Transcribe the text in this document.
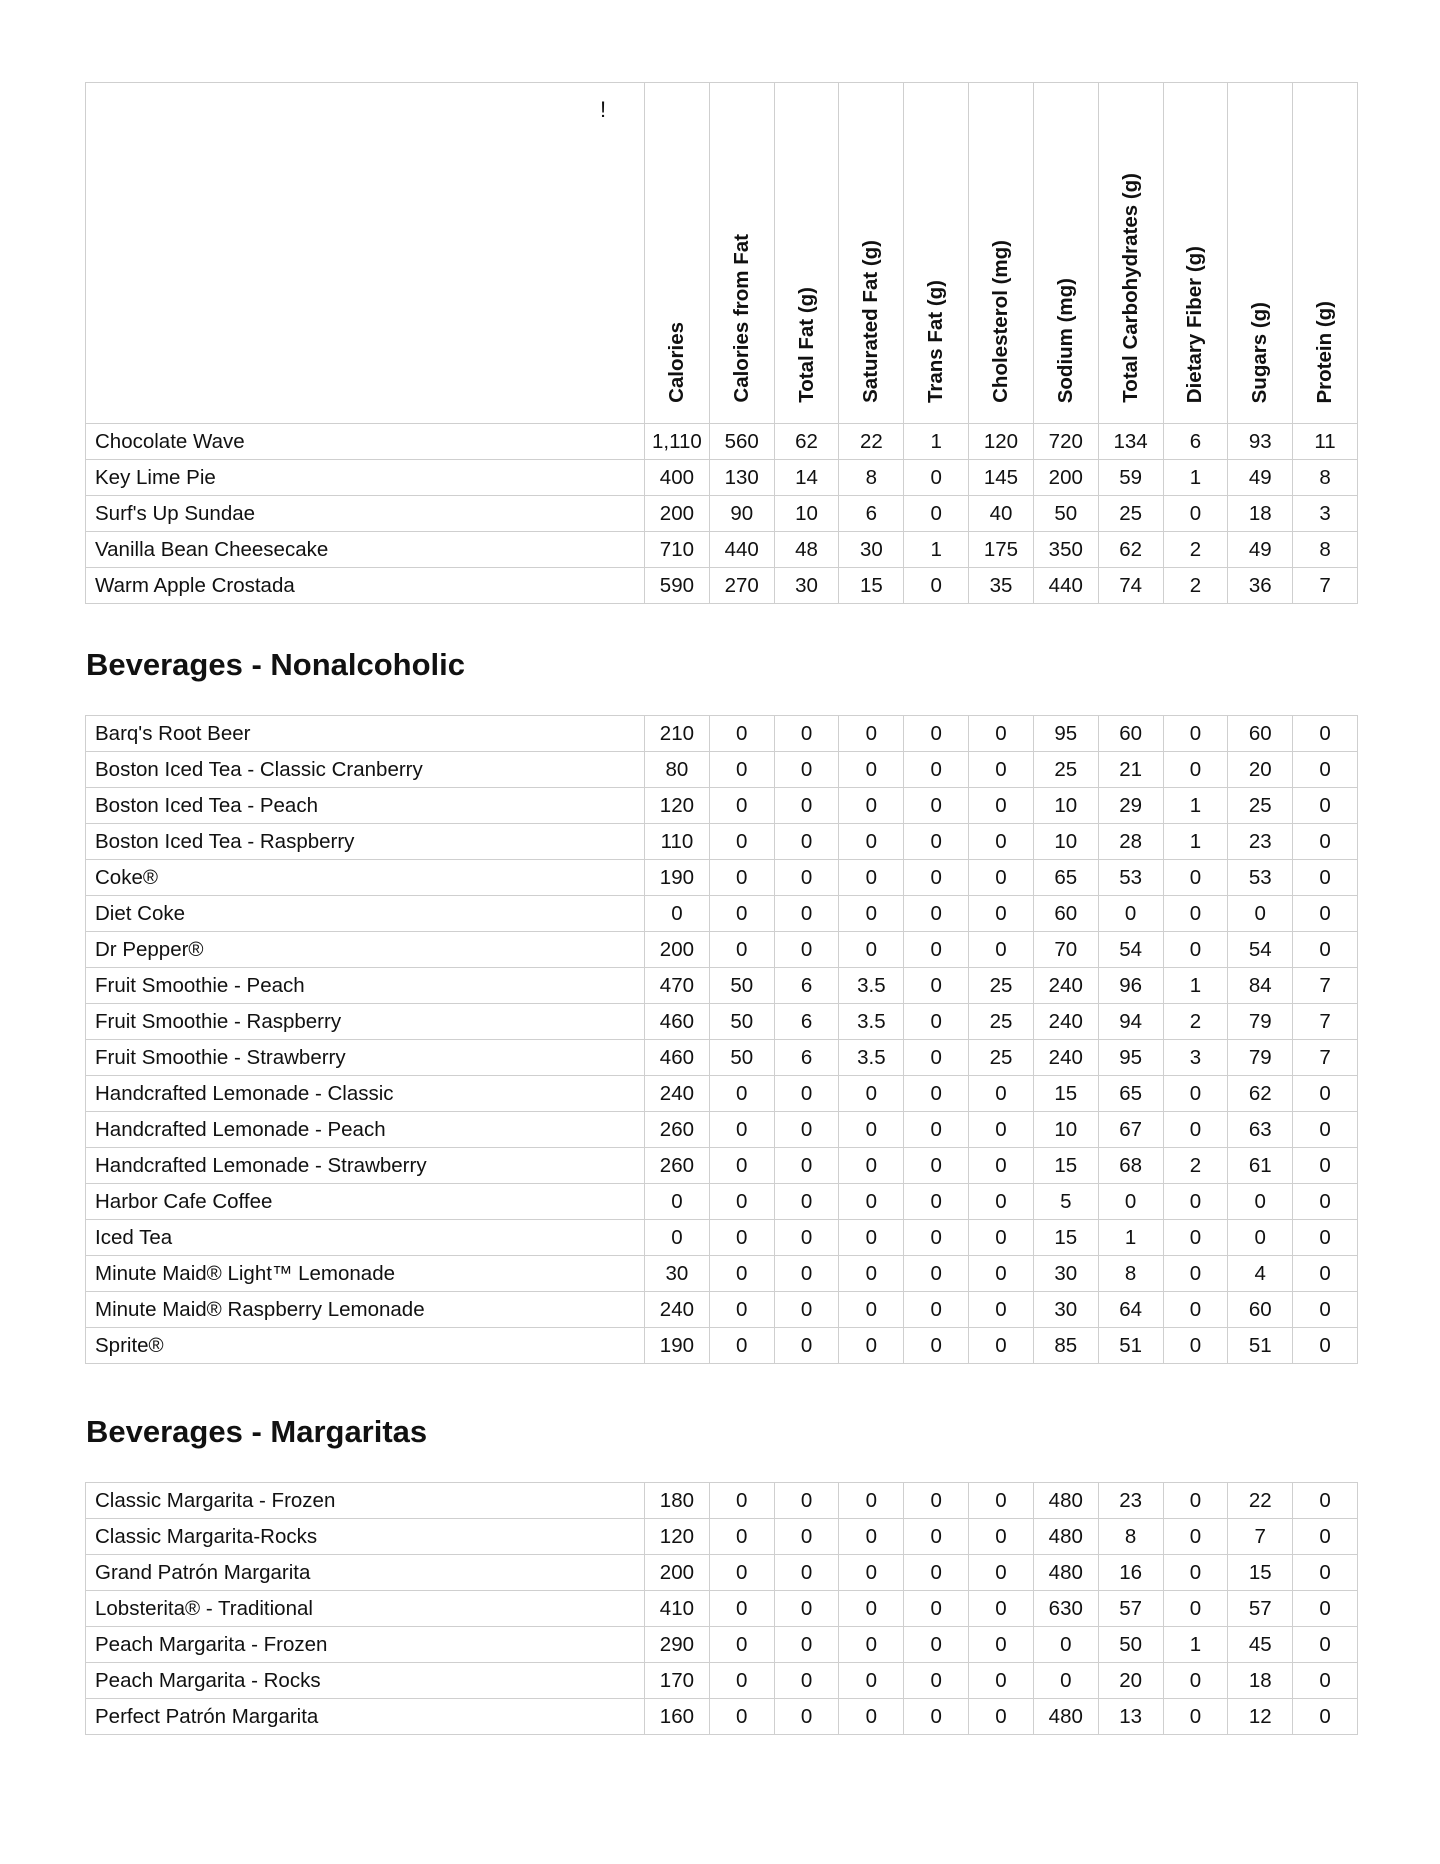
!	Calories	Calories from Fat	Total Fat (g)	Saturated Fat (g)	Trans Fat (g)	Cholesterol (mg)	Sodium (mg)	Total Carbohydrates (g)	Dietary Fiber (g)	Sugars (g)	Protein (g)
Chocolate Wave	1,110	560	62	22	1	120	720	134	6	93	11
Key Lime Pie	400	130	14	8	0	145	200	59	1	49	8
Surf's Up Sundae	200	90	10	6	0	40	50	25	0	18	3
Vanilla Bean Cheesecake	710	440	48	30	1	175	350	62	2	49	8
Warm Apple Crostada	590	270	30	15	0	35	440	74	2	36	7
Beverages - Nonalcoholic
Barq's Root Beer	210	0	0	0	0	0	95	60	0	60	0
Boston Iced Tea - Classic Cranberry	80	0	0	0	0	0	25	21	0	20	0
Boston Iced Tea - Peach	120	0	0	0	0	0	10	29	1	25	0
Boston Iced Tea - Raspberry	110	0	0	0	0	0	10	28	1	23	0
Coke®	190	0	0	0	0	0	65	53	0	53	0
Diet Coke	0	0	0	0	0	0	60	0	0	0	0
Dr Pepper®	200	0	0	0	0	0	70	54	0	54	0
Fruit Smoothie - Peach	470	50	6	3.5	0	25	240	96	1	84	7
Fruit Smoothie - Raspberry	460	50	6	3.5	0	25	240	94	2	79	7
Fruit Smoothie - Strawberry	460	50	6	3.5	0	25	240	95	3	79	7
Handcrafted Lemonade - Classic	240	0	0	0	0	0	15	65	0	62	0
Handcrafted Lemonade - Peach	260	0	0	0	0	0	10	67	0	63	0
Handcrafted Lemonade - Strawberry	260	0	0	0	0	0	15	68	2	61	0
Harbor Cafe Coffee	0	0	0	0	0	0	5	0	0	0	0
Iced Tea	0	0	0	0	0	0	15	1	0	0	0
Minute Maid® Light™ Lemonade	30	0	0	0	0	0	30	8	0	4	0
Minute Maid® Raspberry Lemonade	240	0	0	0	0	0	30	64	0	60	0
Sprite®	190	0	0	0	0	0	85	51	0	51	0
Beverages - Margaritas
Classic Margarita - Frozen	180	0	0	0	0	0	480	23	0	22	0
Classic Margarita-Rocks	120	0	0	0	0	0	480	8	0	7	0
Grand Patrón Margarita	200	0	0	0	0	0	480	16	0	15	0
Lobsterita® - Traditional	410	0	0	0	0	0	630	57	0	57	0
Peach Margarita - Frozen	290	0	0	0	0	0	0	50	1	45	0
Peach Margarita - Rocks	170	0	0	0	0	0	0	20	0	18	0
Perfect Patrón Margarita	160	0	0	0	0	0	480	13	0	12	0
